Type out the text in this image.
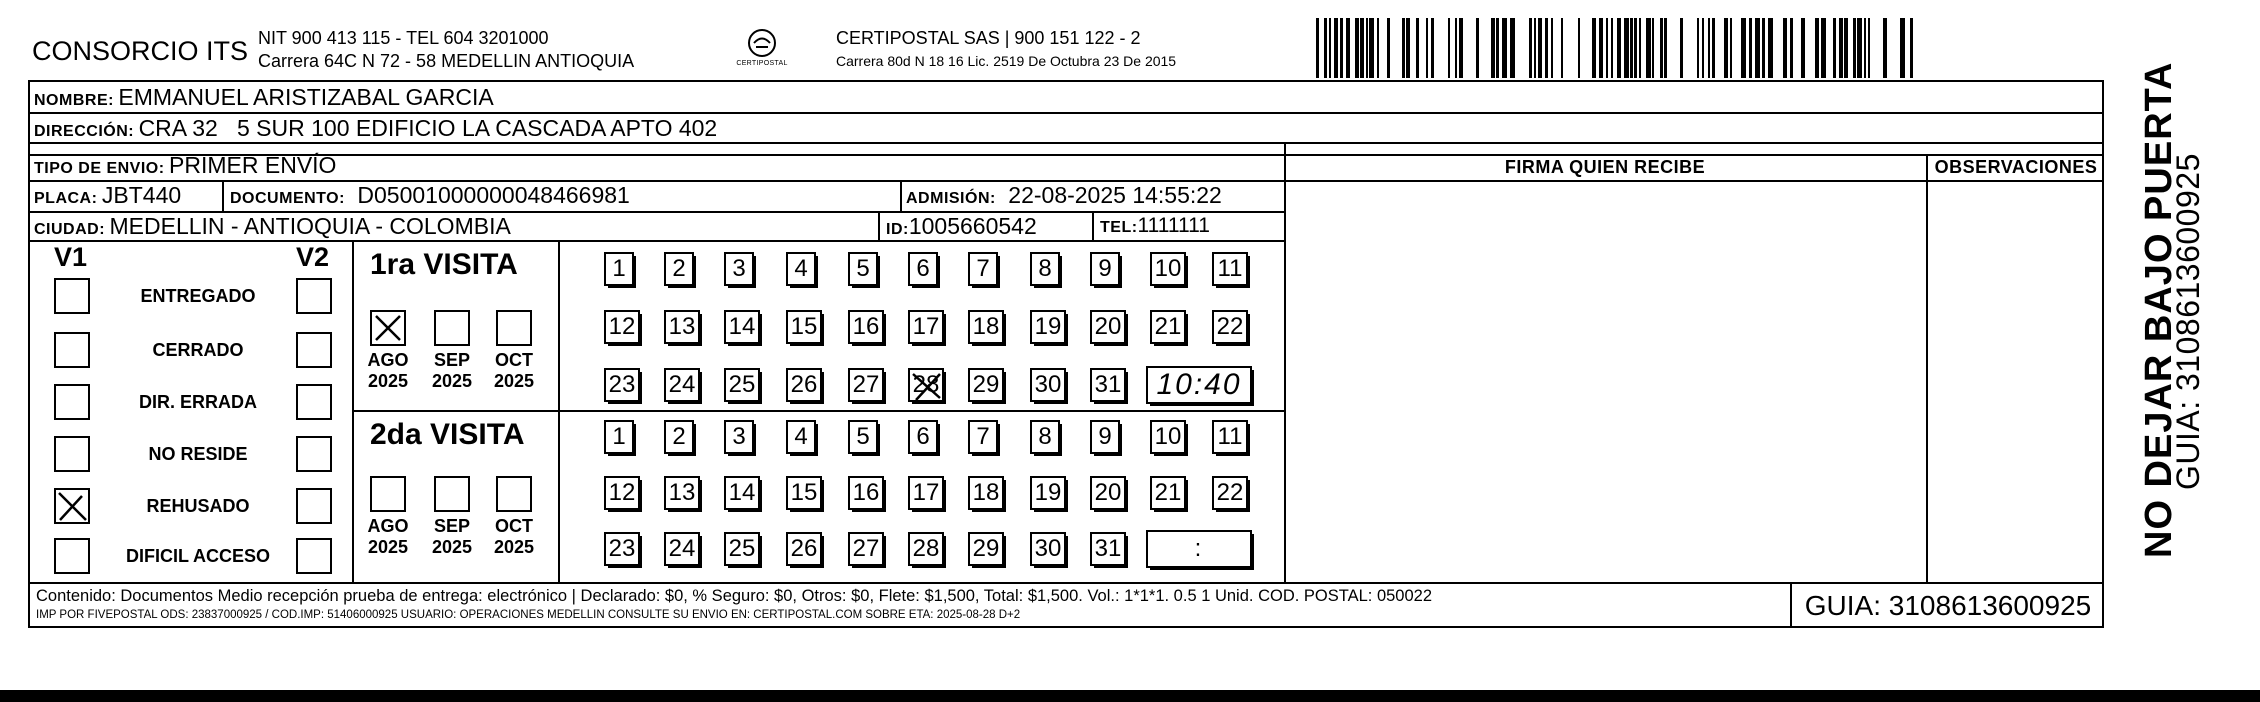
CONSORCIO ITS NIT 900 413 115 - TEL 604 3201000
Carrera 64C N 72 - 58 MEDELLIN ANTIOQUIA	CERTIPOSTAL
CERTIPOSTAL SAS | 900 151 122 - 2
Carrera 80d N 18 16 Lic. 2519 De Octubra 23 De 2015
NOMBRE: EMMANUEL ARISTIZABAL GARCIA
DIRECCIÓN: CRA 32   5 SUR 100 EDIFICIO LA CASCADA APTO 402
TIPO DE ENVIO: PRIMER ENVÍO
PLACA: JBT440	DOCUMENTO: D05001000000048466981	ADMISIÓN: 22-08-2025 14:55:22
CIUDAD: MEDELLIN - ANTIOQUIA - COLOMBIA	ID:1005660542	TEL:1111111
FIRMA QUIEN RECIBE	OBSERVACIONES
V1	V2
ENTREGADO
CERRADO
DIR. ERRADA
NO RESIDE
REHUSADO
DIFICIL ACCESO
1ra VISITA
2da VISITA
AGO
2025
SEP
2025
OCT
2025
AGO
2025
SEP
2025
OCT
2025
1	2	3	4	5	6	7	8	9	10 11
12 13 14 15 16 17 18 19 20 21 22
23 24 25 26 27 28 29 30 31	10:40
1	2	3	4	5	6	7	8	9	10 11
12 13 14 15 16 17 18 19 20 21 22
23 24 25 26 27 28 29 30 31	:
Contenido: Documentos Medio recepción prueba de entrega: electrónico | Declarado: $0, % Seguro: $0, Otros: $0, Flete: $1,500, Total: $1,500. Vol.: 1*1*1. 0.5 1 Unid. COD. POSTAL: 050022
IMP POR FIVEPOSTAL ODS: 23837000925 / COD.IMP: 51406000925 USUARIO: OPERACIONES MEDELLIN CONSULTE SU ENVIO EN: CERTIPOSTAL.COM SOBRE ETA: 2025-08-28 D+2	GUIA: 3108613600925
NO DEJAR BAJO PUERTA
GUIA: 3108613600925
